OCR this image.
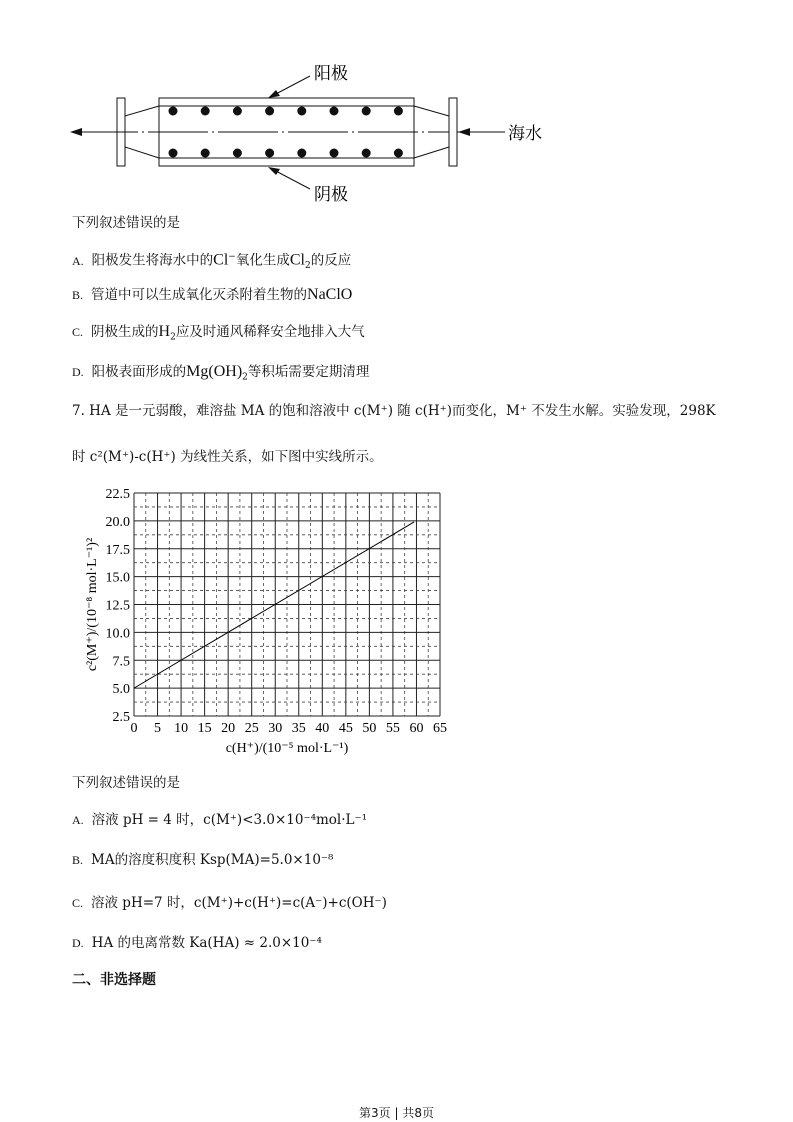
阳极
阴极
海水
下列叙述错误的是
A. 阳极发生将海水中的Cl−氧化生成$Cl_2$的反应
B. 管道中可以生成氧化灭杀附着生物的NaClO
C. 阴极生成的$H_2$应及时通风稀释安全地排入大气
D. 阳极表面形成的$Mg(OH)_2$等积垢需要定期清理
7. HA 是一元弱酸，难溶盐 MA 的饱和溶液中 c(M⁺) 随 c(H⁺)而变化，M⁺ 不发生水解。实验发现，298K
时 c²(M⁺)-c(H⁺) 为线性关系，如下图中实线所示。
0 5 10 15 20 25 30 35 40 45 50 55 60 65
2.5
5.0
7.5
10.0
12.5
15.0
17.5
20.0
22.5
c(H⁺)/(10⁻⁵ mol·L⁻¹)
c²(M⁺)/(10⁻⁸ mol·L⁻¹)²
下列叙述错误的是
A. 溶液 pH = 4 时，c(M⁺)<3.0×10⁻⁴mol·L⁻¹
B. MA的溶度积度积 Ksp(MA)=5.0×10⁻⁸
C. 溶液 pH=7 时，c(M⁺)+c(H⁺)=c(A⁻)+c(OH⁻)
D. HA 的电离常数 Ka(HA) ≈ 2.0×10⁻⁴
二、非选择题
第3页 | 共8页
